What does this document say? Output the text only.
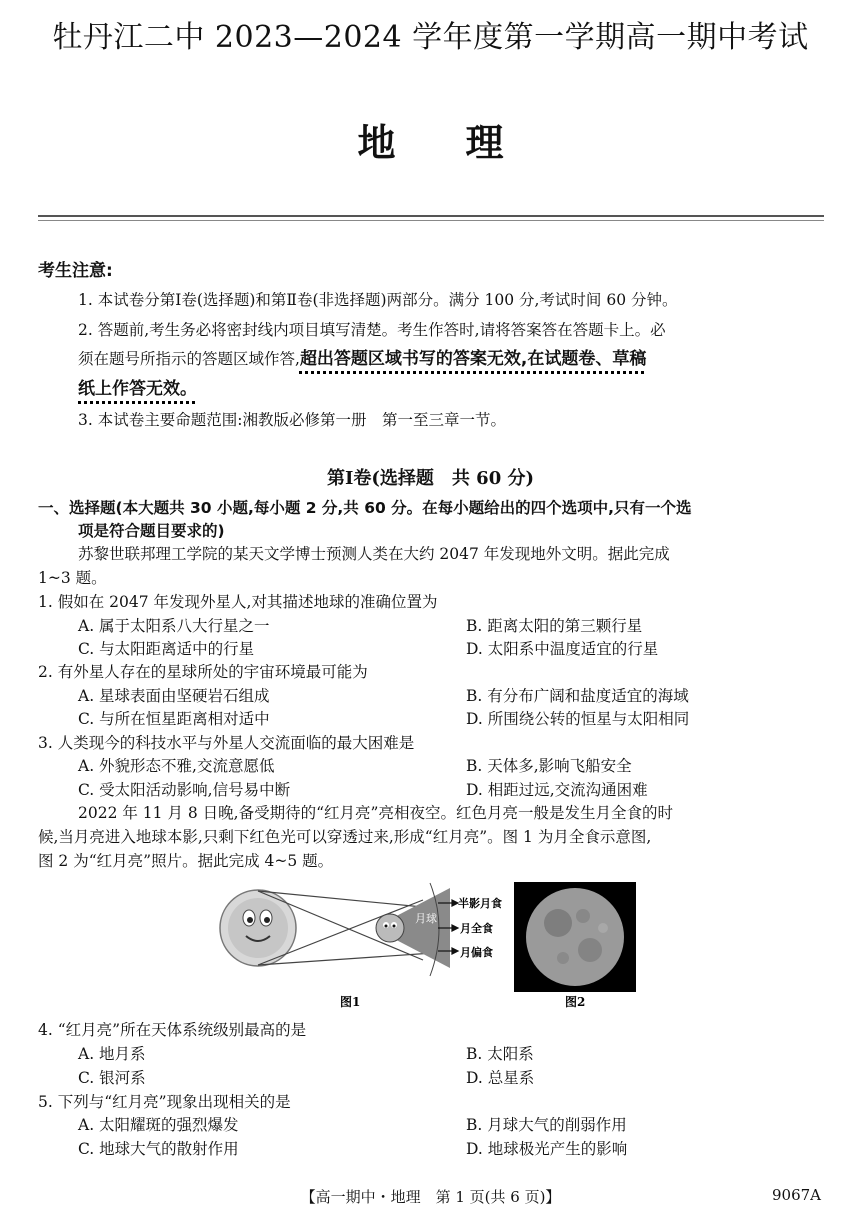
牡丹江二中 2023—2024 学年度第一学期高一期中考试
地理
考生注意:
1. 本试卷分第Ⅰ卷(选择题)和第Ⅱ卷(非选择题)两部分。满分 100 分,考试时间 60 分钟。
2. 答题前,考生务必将密封线内项目填写清楚。考生作答时,请将答案答在答题卡上。必
须在题号所指示的答题区域作答,超出答题区域书写的答案无效,在试题卷、草稿
纸上作答无效。
3. 本试卷主要命题范围:湘教版必修第一册　第一至三章一节。
第Ⅰ卷(选择题　共 60 分)
一、选择题(本大题共 30 小题,每小题 2 分,共 60 分。在每小题给出的四个选项中,只有一个选
项是符合题目要求的)
苏黎世联邦理工学院的某天文学博士预测人类在大约 2047 年发现地外文明。据此完成
1~3 题。
1. 假如在 2047 年发现外星人,对其描述地球的准确位置为
A. 属于太阳系八大行星之一	B. 距离太阳的第三颗行星
C. 与太阳距离适中的行星	D. 太阳系中温度适宜的行星
2. 有外星人存在的星球所处的宇宙环境最可能为
A. 星球表面由坚硬岩石组成	B. 有分布广阔和盐度适宜的海域
C. 与所在恒星距离相对适中	D. 所围绕公转的恒星与太阳相同
3. 人类现今的科技水平与外星人交流面临的最大困难是
A. 外貌形态不雅,交流意愿低	B. 天体多,影响飞船安全
C. 受太阳活动影响,信号易中断	D. 相距过远,交流沟通困难
2022 年 11 月 8 日晚,备受期待的“红月亮”亮相夜空。红色月亮一般是发生月全食的时
候,当月亮进入地球本影,只剩下红色光可以穿透过来,形成“红月亮”。图 1 为月全食示意图,
图 2 为“红月亮”照片。据此完成 4~5 题。
月球
半影月食
月全食
月偏食
图1	图2
4. “红月亮”所在天体系统级别最高的是
A. 地月系	B. 太阳系
C. 银河系	D. 总星系
5. 下列与“红月亮”现象出现相关的是
A. 太阳耀斑的强烈爆发	B. 月球大气的削弱作用
C. 地球大气的散射作用	D. 地球极光产生的影响
【高一期中・地理　第 1 页(共 6 页)】	9067A
